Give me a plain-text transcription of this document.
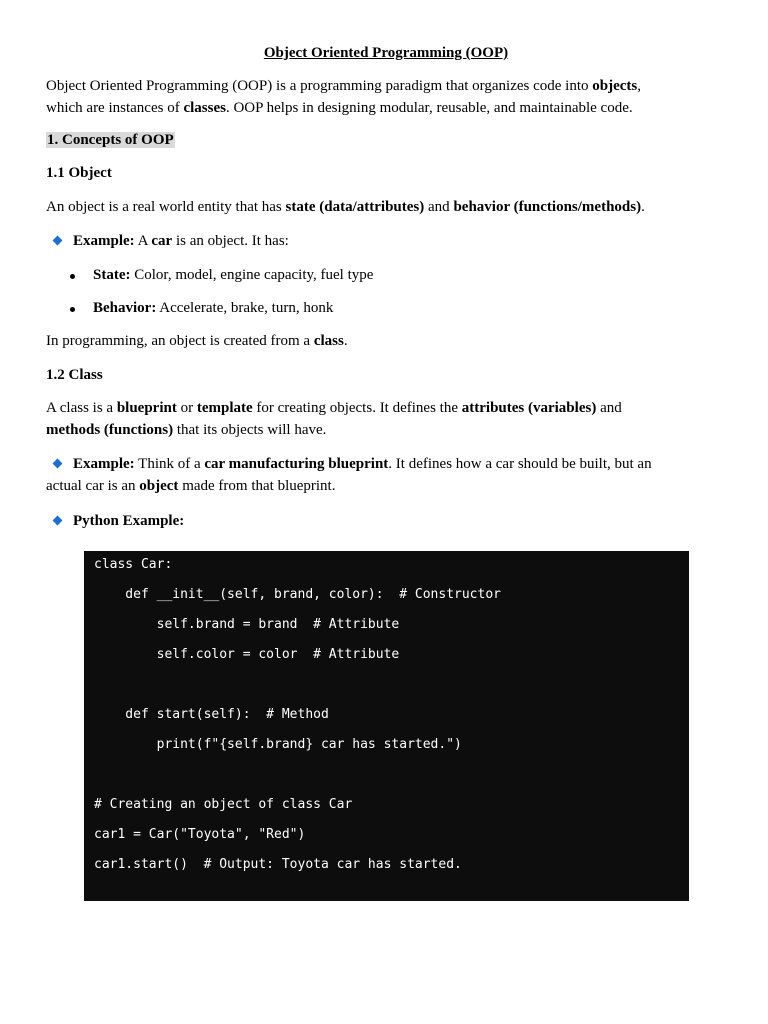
Object Oriented Programming (OOP)
Object Oriented Programming (OOP) is a programming paradigm that organizes code into objects,
which are instances of classes. OOP helps in designing modular, reusable, and maintainable code.
1. Concepts of OOP
1.1 Object
An object is a real world entity that has state (data/attributes) and behavior (functions/methods).
Example: A car is an object. It has:
State: Color, model, engine capacity, fuel type
Behavior: Accelerate, brake, turn, honk
In programming, an object is created from a class.
1.2 Class
A class is a blueprint or template for creating objects. It defines the attributes (variables) and
methods (functions) that its objects will have.
Example: Think of a car manufacturing blueprint. It defines how a car should be built, but an
actual car is an object made from that blueprint.
Python Example:
class Car:
def __init__(self, brand, color):  # Constructor
self.brand = brand  # Attribute
self.color = color  # Attribute
def start(self):  # Method
print(f"{self.brand} car has started.")
# Creating an object of class Car
car1 = Car("Toyota", "Red")
car1.start()  # Output: Toyota car has started.
